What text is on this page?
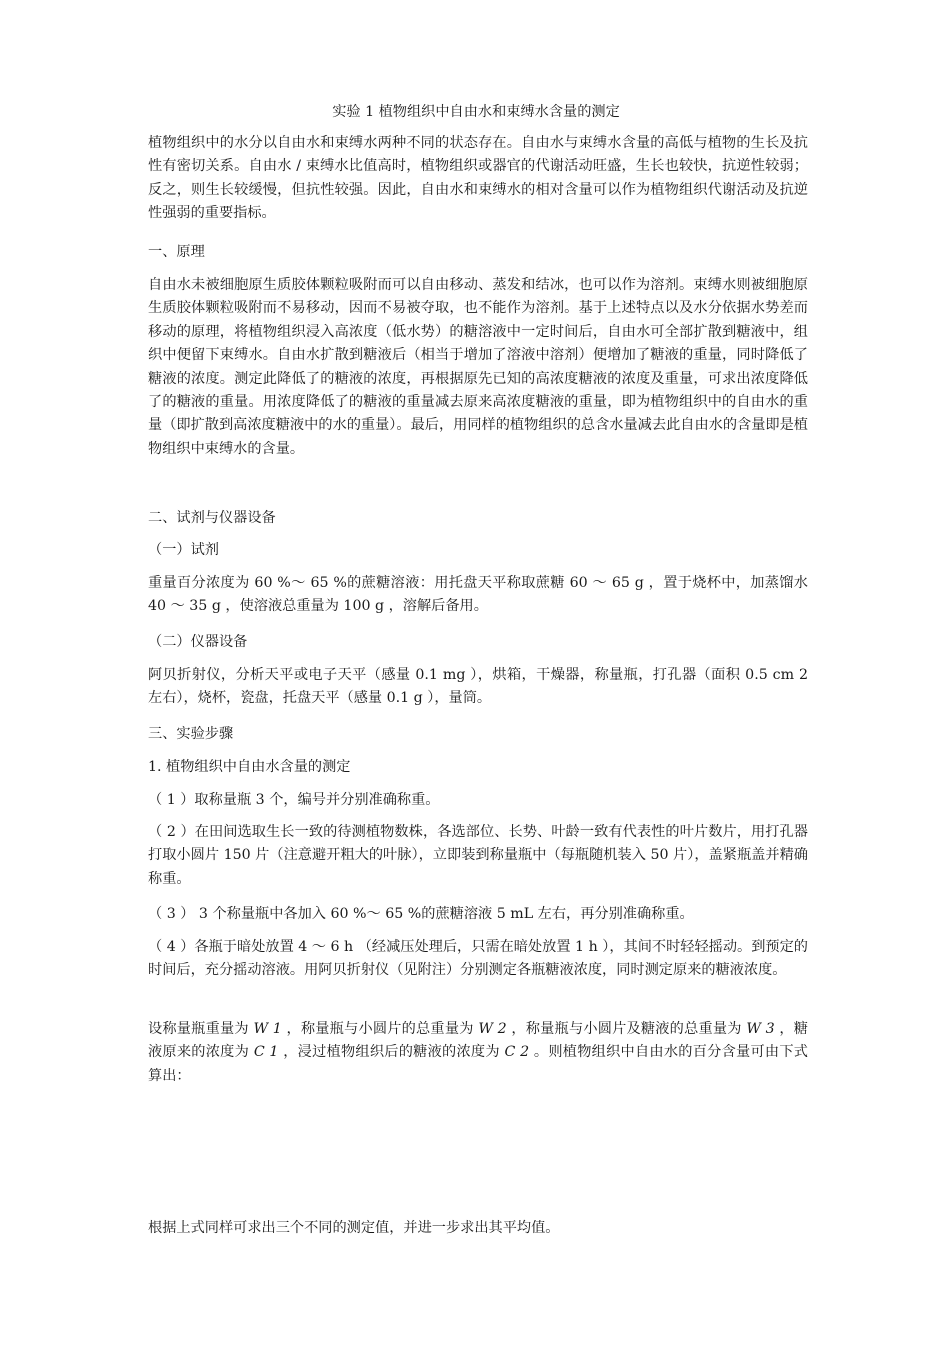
实验 1 植物组织中自由水和束缚水含量的测定

植物组织中的水分以自由水和束缚水两种不同的状态存在。自由水与束缚水含量的高低与植物的生长及抗性有密切关系。自由水 / 束缚水比值高时，植物组织或器官的代谢活动旺盛，生长也较快，抗逆性较弱；反之，则生长较缓慢，但抗性较强。因此，自由水和束缚水的相对含量可以作为植物组织代谢活动及抗逆性强弱的重要指标。

一、原理

自由水未被细胞原生质胶体颗粒吸附而可以自由移动、蒸发和结冰，也可以作为溶剂。束缚水则被细胞原生质胶体颗粒吸附而不易移动，因而不易被夺取，也不能作为溶剂。基于上述特点以及水分依据水势差而移动的原理，将植物组织浸入高浓度（低水势）的糖溶液中一定时间后，自由水可全部扩散到糖液中，组织中便留下束缚水。自由水扩散到糖液后（相当于增加了溶液中溶剂）便增加了糖液的重量，同时降低了糖液的浓度。测定此降低了的糖液的浓度，再根据原先已知的高浓度糖液的浓度及重量，可求出浓度降低了的糖液的重量。用浓度降低了的糖液的重量减去原来高浓度糖液的重量，即为植物组织中的自由水的重量（即扩散到高浓度糖液中的水的重量）。最后，用同样的植物组织的总含水量减去此自由水的含量即是植物组织中束缚水的含量。

二、试剂与仪器设备

（一）试剂

重量百分浓度为 60 %～ 65 %的蔗糖溶液：用托盘天平称取蔗糖 60 ～ 65 g ，置于烧杯中，加蒸馏水 40 ～ 35 g ，使溶液总重量为 100 g ，溶解后备用。

（二）仪器设备

阿贝折射仪，分析天平或电子天平（感量 0.1 mg ），烘箱，干燥器，称量瓶，打孔器（面积 0.5 cm 2 左右），烧杯，瓷盘，托盘天平（感量 0.1 g ），量筒。

三、实验步骤

1. 植物组织中自由水含量的测定

（ 1 ）取称量瓶 3 个，编号并分别准确称重。

（ 2 ）在田间选取生长一致的待测植物数株，各选部位、长势、叶龄一致有代表性的叶片数片，用打孔器打取小圆片 150 片（注意避开粗大的叶脉），立即装到称量瓶中（每瓶随机装入 50 片），盖紧瓶盖并精确称重。

（ 3 ） 3 个称量瓶中各加入 60 %～ 65 %的蔗糖溶液 5 mL 左右，再分别准确称重。

（ 4 ）各瓶于暗处放置 4 ～ 6 h （经减压处理后，只需在暗处放置 1 h ），其间不时轻轻摇动。到预定的时间后，充分摇动溶液。用阿贝折射仪（见附注）分别测定各瓶糖液浓度，同时测定原来的糖液浓度。

设称量瓶重量为 W 1 ，称量瓶与小圆片的总重量为 W 2 ，称量瓶与小圆片及糖液的总重量为 W 3 ，糖液原来的浓度为 C 1 ，浸过植物组织后的糖液的浓度为 C 2 。则植物组织中自由水的百分含量可由下式算出：

根据上式同样可求出三个不同的测定值，并进一步求出其平均值。
